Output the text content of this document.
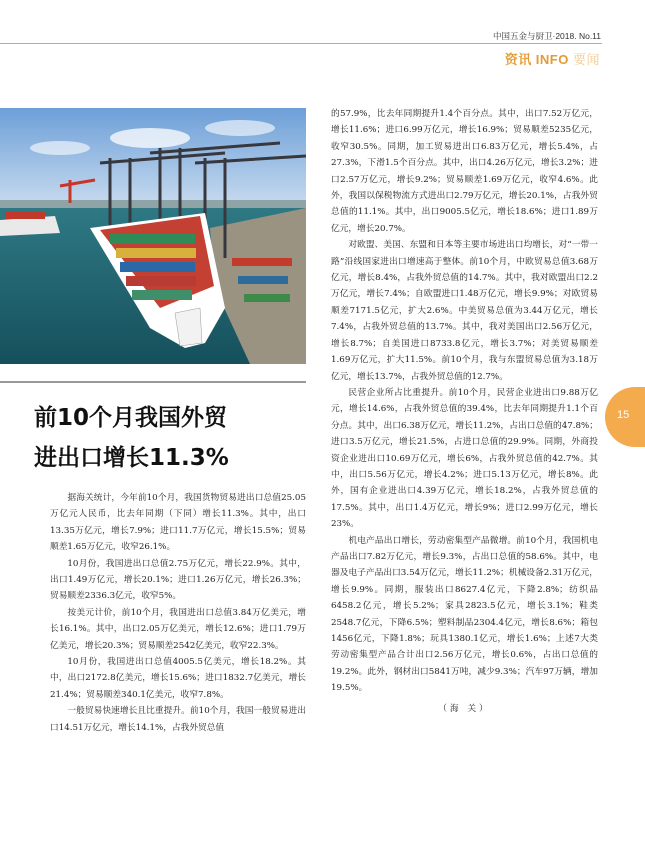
中国五金与厨卫·2018. No.11
资讯 INFO 要闻
前10个月我国外贸
进出口增长11.3%

据海关统计，今年前10个月，我国货物贸易进出口总值25.05万亿元人民币，比去年同期（下同）增长11.3%。其中，出口13.35万亿元，增长7.9%；进口11.7万亿元，增长15.5%；贸易顺差1.65万亿元，收窄26.1%。

10月份，我国进出口总值2.75万亿元，增长22.9%。其中，出口1.49万亿元，增长20.1%；进口1.26万亿元，增长26.3%；贸易顺差2336.3亿元，收窄5%。

按美元计价，前10个月，我国进出口总值3.84万亿美元，增长16.1%。其中，出口2.05万亿美元，增长12.6%；进口1.79万亿美元，增长20.3%；贸易顺差2542亿美元，收窄22.3%。

10月份，我国进出口总值4005.5亿美元，增长18.2%。其中，出口2172.8亿美元，增长15.6%；进口1832.7亿美元，增长21.4%；贸易顺差340.1亿美元，收窄7.8%。

一般贸易快速增长且比重提升。前10个月，我国一般贸易进出口14.51万亿元，增长14.1%，占我外贸总值

的57.9%，比去年同期提升1.4个百分点。其中，出口7.52万亿元，增长11.6%；进口6.99万亿元，增长16.9%；贸易顺差5235亿元，收窄30.5%。同期，加工贸易进出口6.83万亿元，增长5.4%，占27.3%，下滑1.5个百分点。其中，出口4.26万亿元，增长3.2%；进口2.57万亿元，增长9.2%；贸易顺差1.69万亿元，收窄4.6%。此外，我国以保税物流方式进出口2.79万亿元，增长20.1%，占我外贸总值的11.1%。其中，出口9005.5亿元，增长18.6%；进口1.89万亿元，增长20.7%。

对欧盟、美国、东盟和日本等主要市场进出口均增长，对“一带一路”沿线国家进出口增速高于整体。前10个月，中欧贸易总值3.68万亿元，增长8.4%，占我外贸总值的14.7%。其中，我对欧盟出口2.2万亿元，增长7.4%；自欧盟进口1.48万亿元，增长9.9%；对欧贸易顺差7171.5亿元，扩大2.6%。中美贸易总值为3.44万亿元，增长7.4%，占我外贸总值的13.7%。其中，我对美国出口2.56万亿元，增长8.7%；自美国进口8733.8亿元，增长3.7%；对美贸易顺差1.69万亿元，扩大11.5%。前10个月，我与东盟贸易总值为3.18万亿元，增长13.7%，占我外贸总值的12.7%。

民营企业所占比重提升。前10个月，民营企业进出口9.88万亿元，增长14.6%，占我外贸总值的39.4%，比去年同期提升1.1个百分点。其中，出口6.38万亿元，增长11.2%，占出口总值的47.8%；进口3.5万亿元，增长21.5%，占进口总值的29.9%。同期，外商投资企业进出口10.69万亿元，增长6%，占我外贸总值的42.7%。其中，出口5.56万亿元，增长4.2%；进口5.13万亿元，增长8%。此外，国有企业进出口4.39万亿元，增长18.2%，占我外贸总值的17.5%。其中，出口1.4万亿元，增长9%；进口2.99万亿元，增长23%。

机电产品出口增长，劳动密集型产品微增。前10个月，我国机电产品出口7.82万亿元，增长9.3%，占出口总值的58.6%。其中，电器及电子产品出口3.54万亿元，增长11.2%；机械设备2.31万亿元，增长9.9%。同期，服装出口8627.4亿元，下降2.8%；纺织品6458.2亿元，增长5.2%；家具2823.5亿元，增长3.1%；鞋类2548.7亿元，下降6.5%；塑料制品2304.4亿元，增长8.6%；箱包1456亿元，下降1.8%；玩具1380.1亿元，增长1.6%；上述7大类劳动密集型产品合计出口2.56万亿元，增长0.6%，占出口总值的19.2%。此外，钢材出口5841万吨，减少9.3%；汽车97万辆，增加19.5%。

（海 关）

15
